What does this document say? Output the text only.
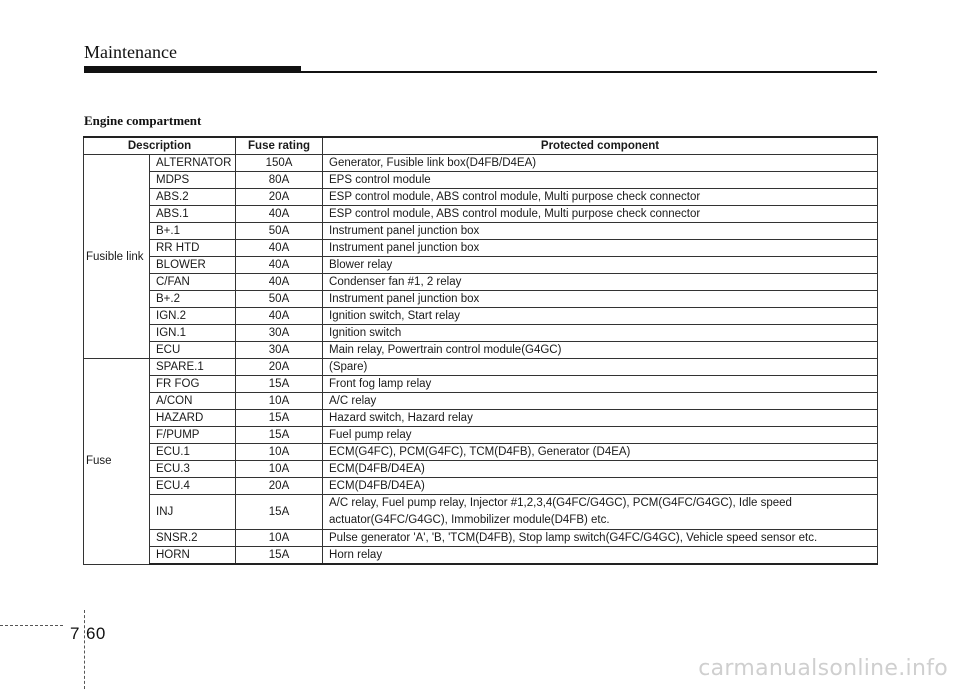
Maintenance
Engine compartment
Description		Fuse rating	Protected component
Fusible link	ALTERNATOR	150A	Generator, Fusible link box(D4FB/D4EA)
	MDPS	80A	EPS control module
	ABS.2	20A	ESP control module, ABS control module, Multi purpose check connector
	ABS.1	40A	ESP control module, ABS control module, Multi purpose check connector
	B+.1	50A	Instrument panel junction box
	RR HTD	40A	Instrument panel junction box
	BLOWER	40A	Blower relay
	C/FAN	40A	Condenser fan #1, 2 relay
	B+.2	50A	Instrument panel junction box
	IGN.2	40A	Ignition switch, Start relay
	IGN.1	30A	Ignition switch
	ECU	30A	Main relay, Powertrain control module(G4GC)
Fuse	SPARE.1	20A	(Spare)
	FR FOG	15A	Front fog lamp relay
	A/CON	10A	A/C relay
	HAZARD	15A	Hazard switch, Hazard relay
	F/PUMP	15A	Fuel pump relay
	ECU.1	10A	ECM(G4FC), PCM(G4FC), TCM(D4FB), Generator (D4EA)
	ECU.3	10A	ECM(D4FB/D4EA)
	ECU.4	20A	ECM(D4FB/D4EA)
	INJ	15A	A/C relay, Fuel pump relay, Injector #1,2,3,4(G4FC/G4GC), PCM(G4FC/G4GC), Idle speed actuator(G4FC/G4GC), Immobilizer module(D4FB) etc.
	SNSR.2	10A	Pulse generator 'A', 'B, 'TCM(D4FB), Stop lamp switch(G4FC/G4GC), Vehicle speed sensor etc.
	HORN	15A	Horn relay
7 60
carmanualsonline.info
